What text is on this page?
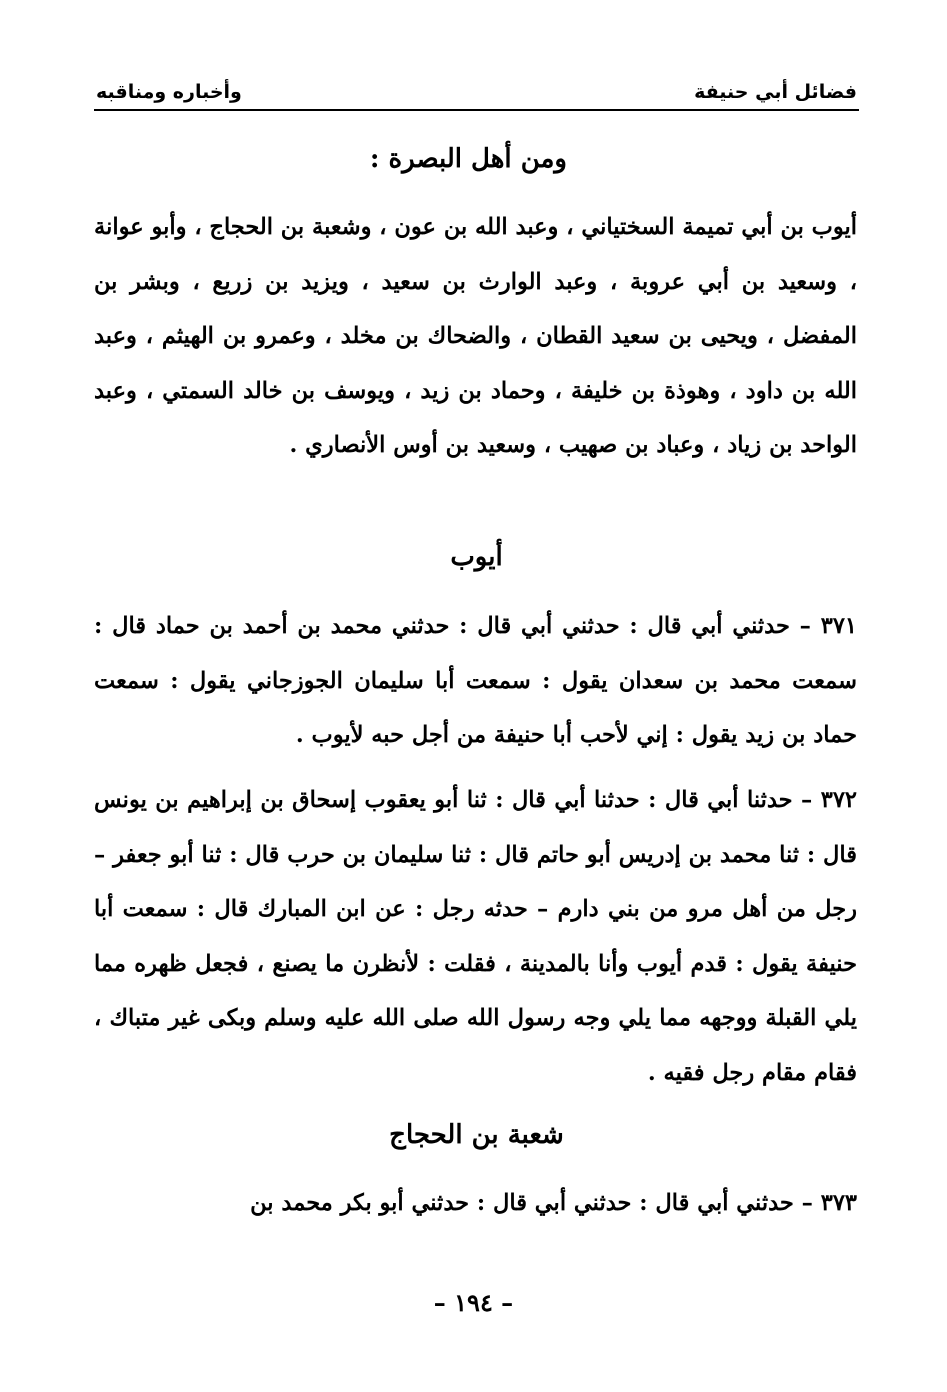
فضائل أبي حنيفة
وأخباره ومناقبه
ومن أهل البصرة :
أيوب بن أبي تميمة السختياني ، وعبد الله بن عون ، وشعبة بن الحجاج ، وأبو عوانة ، وسعيد بن أبي عروبة ، وعبد الوارث بن سعيد ، ويزيد بن زريع ، وبشر بن المفضل ، ويحيى بن سعيد القطان ، والضحاك بن مخلد ، وعمرو بن الهيثم ، وعبد الله بن داود ، وهوذة بن خليفة ، وحماد بن زيد ، ويوسف بن خالد السمتي ، وعبد الواحد بن زياد ، وعباد بن صهيب ، وسعيد بن أوس الأنصاري .
أيوب
٣٧١ – حدثني أبي قال : حدثني أبي قال : حدثني محمد بن أحمد بن حماد قال : سمعت محمد بن سعدان يقول : سمعت أبا سليمان الجوزجاني يقول : سمعت حماد بن زيد يقول : إني لأحب أبا حنيفة من أجل حبه لأيوب .
٣٧٢ – حدثنا أبي قال : حدثنا أبي قال : ثنا أبو يعقوب إسحاق بن إبراهيم بن يونس قال : ثنا محمد بن إدريس أبو حاتم قال : ثنا سليمان بن حرب قال : ثنا أبو جعفر – رجل من أهل مرو من بني دارم – حدثه رجل : عن ابن المبارك قال : سمعت أبا حنيفة يقول : قدم أيوب وأنا بالمدينة ، فقلت : لأنظرن ما يصنع ، فجعل ظهره مما يلي القبلة ووجهه مما يلي وجه رسول الله صلى الله عليه وسلم وبكى غير متباك ، فقام مقام رجل فقيه .
شعبة بن الحجاج
٣٧٣ – حدثني أبي قال : حدثني أبي قال : حدثني أبو بكر محمد بن
– ١٩٤ –
